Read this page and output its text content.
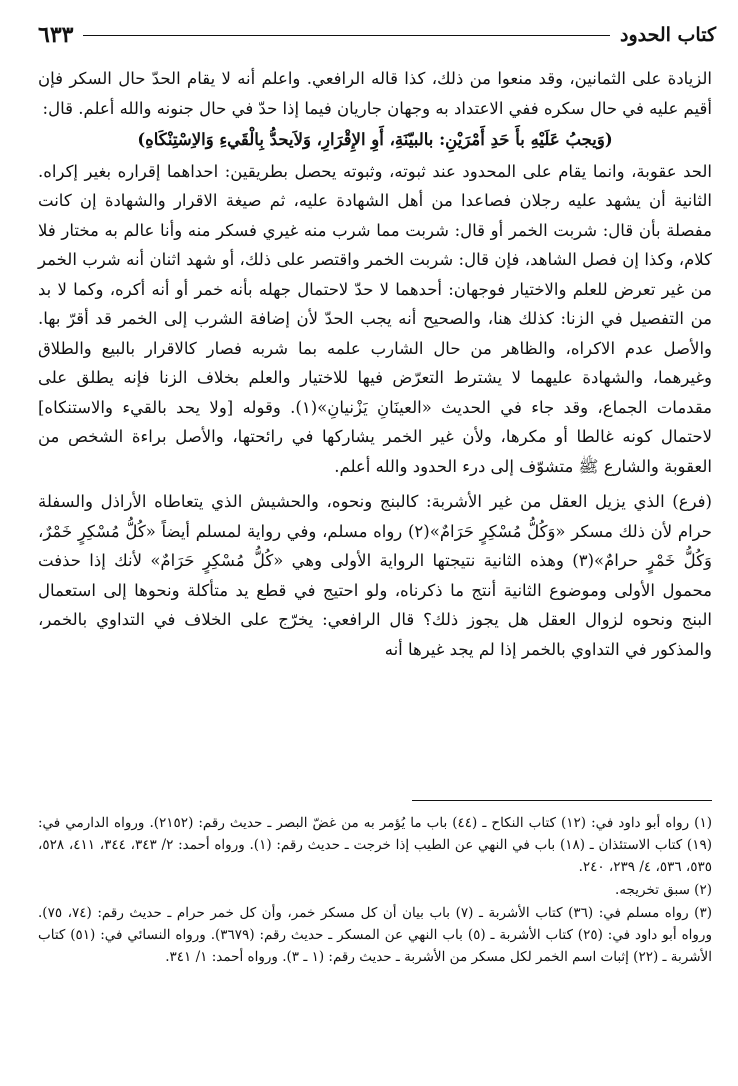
كتاب الحدود
٦٣٣

الزيادة على الثمانين، وقد منعوا من ذلك، كذا قاله الرافعي. واعلم أنه لا يقام الحدّ حال السكر فإن أقيم عليه في حال سكره ففي الاعتداد به وجهان جاريان فيما إذا حدّ في حال جنونه والله أعلم. قال:

(وَيجبُ عَلَيْهِ بأَ حَدِ أَمْرَيْنِ: بالبيّنَةِ، أَوِ الإِقْرَارِ، وَلاَيحدُّ بِالْقَيءِ وَالاِسْتِنْكَاهِ)

الحد عقوبة، وانما يقام على المحدود عند ثبوته، وثبوته يحصل بطريقين: احداهما إقراره بغير إكراه. الثانية أن يشهد عليه رجلان فصاعدا من أهل الشهادة عليه، ثم صيغة الاقرار والشهادة إن كانت مفصلة بأن قال: شربت الخمر أو قال: شربت مما شرب منه غيري فسكر منه وأنا عالم به مختار فلا كلام، وكذا إن فصل الشاهد، فإن قال: شربت الخمر واقتصر على ذلك، أو شهد اثنان أنه شرب الخمر من غير تعرض للعلم والاختيار فوجهان: أحدهما لا حدّ لاحتمال جهله بأنه خمر أو أنه أكره، وكما لا بد من التفصيل في الزنا: كذلك هنا، والصحيح أنه يجب الحدّ لأن إضافة الشرب إلى الخمر قد أقرّ بها. والأصل عدم الاكراه، والظاهر من حال الشارب علمه بما شربه فصار كالاقرار بالبيع والطلاق وغيرهما، والشهادة عليهما لا يشترط التعرّض فيها للاختيار والعلم بخلاف الزنا فإنه يطلق على مقدمات الجماع، وقد جاء في الحديث «العينَانِ يَزْنيانِ»(١). وقوله [ولا يحد بالقيء والاستنكاه] لاحتمال كونه غالطا أو مكرها، ولأن غير الخمر يشاركها في رائحتها، والأصل براءة الشخص من العقوبة والشارع ﷺ متشوّف إلى درء الحدود والله أعلم.

(فرع) الذي يزيل العقل من غير الأشربة: كالبنج ونحوه، والحشيش الذي يتعاطاه الأراذل والسفلة حرام لأن ذلك مسكر «وَكُلُّ مُسْكِرٍ حَرَامٌ»(٢) رواه مسلم، وفي رواية لمسلم أيضاً «كُلُّ مُسْكِرٍ خَمْرٌ، وَكُلُّ خَمْرٍ حرامٌ»(٣) وهذه الثانية نتيجتها الرواية الأولى وهي «كُلُّ مُسْكِرٍ حَرَامٌ» لأنك إذا حذفت محمول الأولى وموضوع الثانية أنتج ما ذكرناه، ولو احتيج في قطع يد متأكلة ونحوها إلى استعمال البنج ونحوه لزوال العقل هل يجوز ذلك؟ قال الرافعي: يخرّج على الخلاف في التداوي بالخمر، والمذكور في التداوي بالخمر إذا لم يجد غيرها أنه

(١) رواه أبو داود في: (١٢) كتاب النكاح ـ (٤٤) باب ما يُؤمر به من غضّ البصر ـ حديث رقم: (٢١٥٢). ورواه الدارمي في: (١٩) كتاب الاستئذان ـ (١٨) باب في النهي عن الطيب إذا خرجت ـ حديث رقم: (١). ورواه أحمد: ٢/ ٣٤٣، ٣٤٤، ٤١١، ٥٢٨، ٥٣٥، ٥٣٦، ٤/ ٢٣٩، ٢٤٠.

(٢) سبق تخريجه.

(٣) رواه مسلم في: (٣٦) كتاب الأشربة ـ (٧) باب بيان أن كل مسكر خمر، وأن كل خمر حرام ـ حديث رقم: (٧٤، ٧٥). ورواه أبو داود في: (٢٥) كتاب الأشربة ـ (٥) باب النهي عن المسكر ـ حديث رقم: (٣٦٧٩). ورواه النسائي في: (٥١) كتاب الأشربة ـ (٢٢) إثبات اسم الخمر لكل مسكر من الأشربة ـ حديث رقم: (١ ـ ٣). ورواه أحمد: ١/ ٣٤١.
